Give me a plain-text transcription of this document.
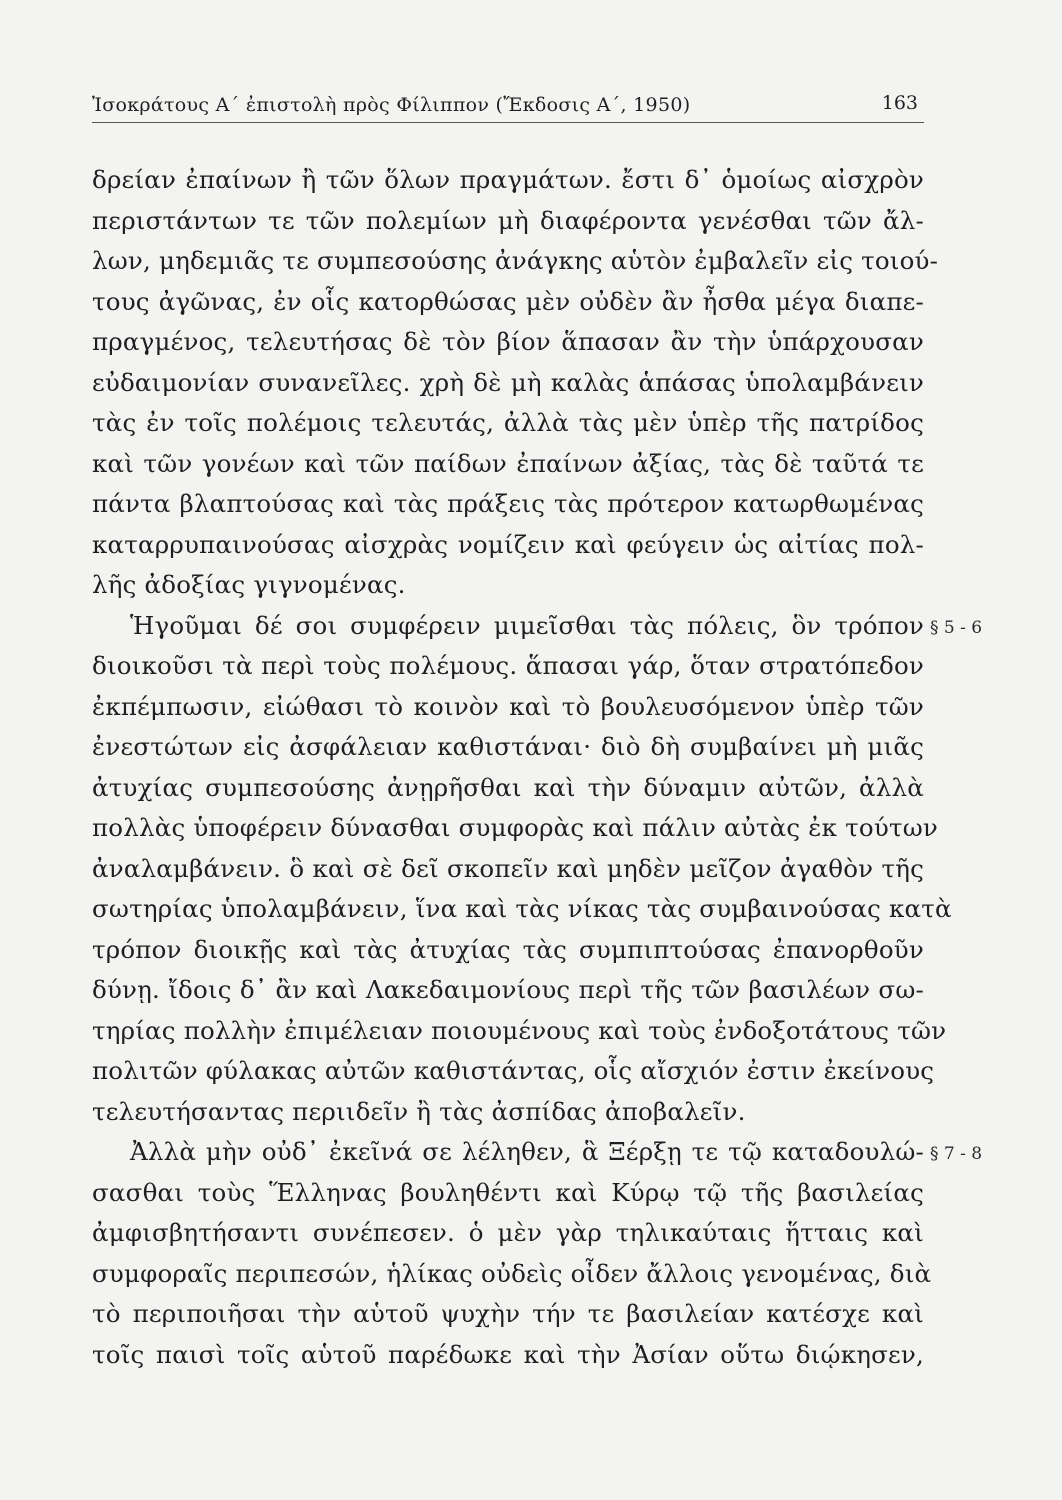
Ἰσοκράτους Α´ ἐπιστολὴ πρὸς Φίλιππον (Ἔκδοσις Α´, 1950)	163
δρείαν ἐπαίνων ἢ τῶν ὅλων πραγμάτων. ἔστι δ᾽ ὁμοίως αἰσχρὸν
περιστάντων τε τῶν πολεμίων μὴ διαφέροντα γενέσθαι τῶν ἄλ-
λων, μηδεμιᾶς τε συμπεσούσης ἀνάγκης αὑτὸν ἐμβαλεῖν εἰς τοιού-
τους ἀγῶνας, ἐν οἷς κατορθώσας μὲν οὐδὲν ἂν ἦσθα μέγα διαπε-
πραγμένος, τελευτήσας δὲ τὸν βίον ἅπασαν ἂν τὴν ὑπάρχουσαν
εὐδαιμονίαν συνανεῖλες. χρὴ δὲ μὴ καλὰς ἁπάσας ὑπολαμβάνειν
τὰς ἐν τοῖς πολέμοις τελευτάς, ἀλλὰ τὰς μὲν ὑπὲρ τῆς πατρίδος
καὶ τῶν γονέων καὶ τῶν παίδων ἐπαίνων ἀξίας, τὰς δὲ ταῦτά τε
πάντα βλαπτούσας καὶ τὰς πράξεις τὰς πρότερον κατωρθωμένας
καταρρυπαινούσας αἰσχρὰς νομίζειν καὶ φεύγειν ὡς αἰτίας πολ-
λῆς ἀδοξίας γιγνομένας.
Ἡγοῦμαι δέ σοι συμφέρειν μιμεῖσθαι τὰς πόλεις, ὃν τρόπον
διοικοῦσι τὰ περὶ τοὺς πολέμους. ἅπασαι γάρ, ὅταν στρατόπεδον
ἐκπέμπωσιν, εἰώθασι τὸ κοινὸν καὶ τὸ βουλευσόμενον ὑπὲρ τῶν
ἐνεστώτων εἰς ἀσφάλειαν καθιστάναι· διὸ δὴ συμβαίνει μὴ μιᾶς
ἀτυχίας συμπεσούσης ἀνῃρῆσθαι καὶ τὴν δύναμιν αὐτῶν, ἀλλὰ
πολλὰς ὑποφέρειν δύνασθαι συμφορὰς καὶ πάλιν αὐτὰς ἐκ τούτων
ἀναλαμβάνειν. ὃ καὶ σὲ δεῖ σκοπεῖν καὶ μηδὲν μεῖζον ἀγαθὸν τῆς
σωτηρίας ὑπολαμβάνειν, ἵνα καὶ τὰς νίκας τὰς συμβαινούσας κατὰ
τρόπον διοικῇς καὶ τὰς ἀτυχίας τὰς συμπιπτούσας ἐπανορθοῦν
δύνῃ. ἴδοις δ᾽ ἂν καὶ Λακεδαιμονίους περὶ τῆς τῶν βασιλέων σω-
τηρίας πολλὴν ἐπιμέλειαν ποιουμένους καὶ τοὺς ἐνδοξοτάτους τῶν
πολιτῶν φύλακας αὐτῶν καθιστάντας, οἷς αἴσχιόν ἐστιν ἐκείνους
τελευτήσαντας περιιδεῖν ἢ τὰς ἀσπίδας ἀποβαλεῖν.
Ἀλλὰ μὴν οὐδ᾽ ἐκεῖνά σε λέληθεν, ἃ Ξέρξῃ τε τῷ καταδουλώ-
σασθαι τοὺς Ἕλληνας βουληθέντι καὶ Κύρῳ τῷ τῆς βασιλείας
ἀμφισβητήσαντι συνέπεσεν. ὁ μὲν γὰρ τηλικαύταις ἥτταις καὶ
συμφοραῖς περιπεσών, ἡλίκας οὐδεὶς οἶδεν ἄλλοις γενομένας, διὰ
τὸ περιποιῆσαι τὴν αὑτοῦ ψυχὴν τήν τε βασιλείαν κατέσχε καὶ
τοῖς παισὶ τοῖς αὑτοῦ παρέδωκε καὶ τὴν Ἀσίαν οὕτω διῴκησεν,
§ 5 - 6
§ 7 - 8
